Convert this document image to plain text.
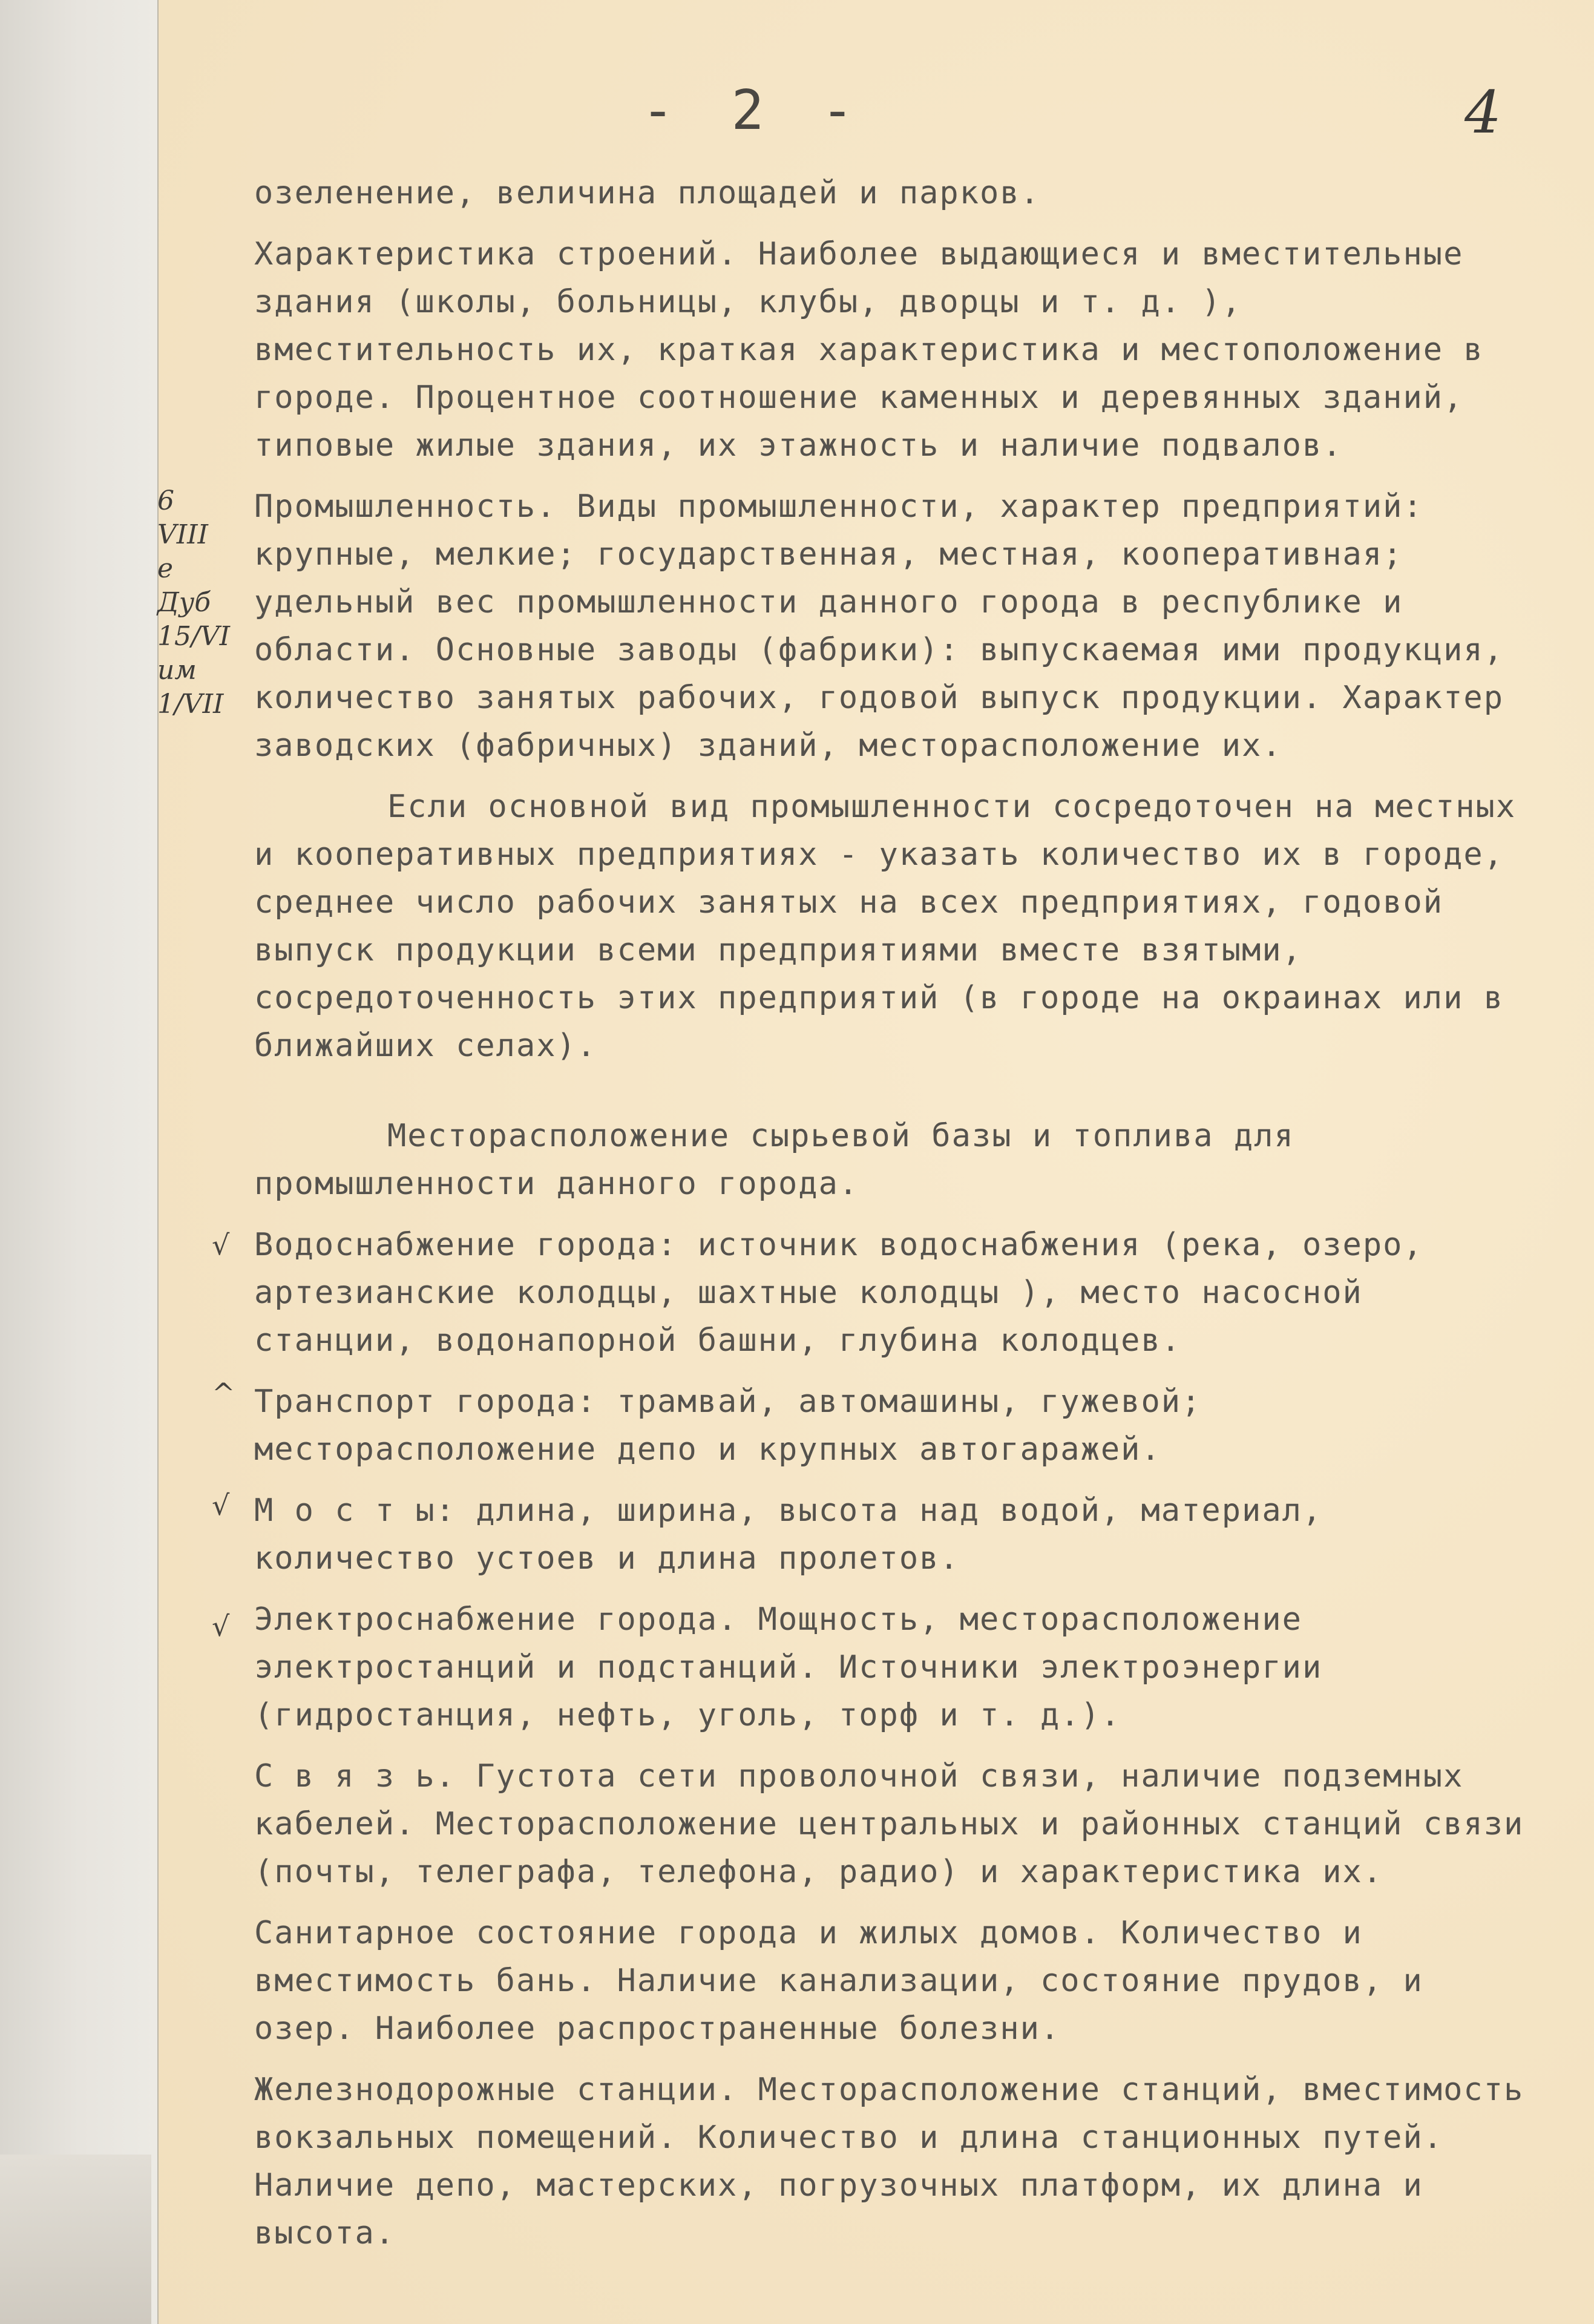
- 2 -	4
6
VIII
е
Дуб
15/VI
им
1/VII
√
^
√
√

озеленение, величина площадей и парков.

Характеристика строений. Наиболее выдающиеся и вместительные здания (школы, больницы, клубы, дворцы и т. д. ), вместительность их, краткая характеристика и местоположение в городе. Процентное соотношение каменных и деревянных зданий, типовые жилые здания, их этажность и наличие подвалов.

Промышленность. Виды промышленности, характер предприятий: крупные, мелкие; государственная, местная, кооперативная; удельный вес промышленности данного города в республике и области. Основные заводы (фабрики): выпускаемая ими продукция, количество занятых рабочих, годовой выпуск продукции. Характер заводских (фабричных) зданий, месторасположение их.

Если основной вид промышленности сосредоточен на местных и кооперативных предприятиях - указать количество их в городе, среднее число рабочих занятых на всех предприятиях, годовой выпуск продукции всеми предприятиями вместе взятыми, сосредоточенность этих предприятий (в городе на окраинах или в ближайших селах).

Месторасположение сырьевой базы и топлива для промышленности данного города.

Водоснабжение города: источник водоснабжения (река, озеро, артезианские колодцы, шахтные колодцы ), место насосной станции, водонапорной башни, глубина колодцев.

Транспорт города: трамвай, автомашины, гужевой; месторасположение депо и крупных автогаражей.

М о с т ы: длина, ширина, высота над водой, материал, количество устоев и длина пролетов.

Электроснабжение города. Мощность, месторасположение электростанций и подстанций. Источники электроэнергии (гидростанция, нефть, уголь, торф и т. д.).

С в я з ь. Густота сети проволочной связи, наличие подземных кабелей. Месторасположение центральных и районных станций связи (почты, телеграфа, телефона, радио) и характеристика их.

Санитарное состояние города и жилых домов. Количество и вместимость бань. Наличие канализации, состояние прудов, и озер. Наиболее распространенные болезни.

Железнодорожные станции. Месторасположение станций, вместимость вокзальных помещений. Количество и длина станционных путей. Наличие депо, мастерских, погрузочных платформ, их длина и высота.
